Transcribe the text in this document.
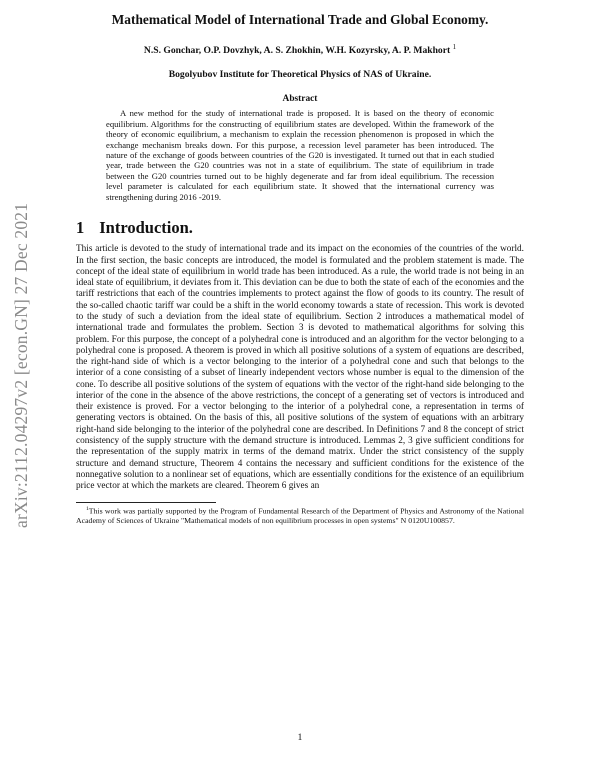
arXiv:2112.04297v2 [econ.GN] 27 Dec 2021
Mathematical Model of International Trade and Global Economy.
N.S. Gonchar, O.P. Dovzhyk, A. S. Zhokhin, W.H. Kozyrsky, A. P. Makhort $^1$
Bogolyubov Institute for Theoretical Physics of NAS of Ukraine.
Abstract

A new method for the study of international trade is proposed. It is based on the theory of economic equilibrium. Algorithms for the constructing of equilibrium states are developed. Within the framework of the theory of economic equilibrium, a mechanism to explain the recession phenomenon is proposed in which the exchange mechanism breaks down. For this purpose, a recession level parameter has been introduced. The nature of the exchange of goods between countries of the G20 is investigated. It turned out that in each studied year, trade between the G20 countries was not in a state of equilibrium. The state of equilibrium in trade between the G20 countries turned out to be highly degenerate and far from ideal equilibrium. The recession level parameter is calculated for each equilibrium state. It showed that the international currency was strengthening during 2016 -2019.

1 Introduction.

This article is devoted to the study of international trade and its impact on the economies of the countries of the world. In the first section, the basic concepts are introduced, the model is formulated and the problem statement is made. The concept of the ideal state of equilibrium in world trade has been introduced. As a rule, the world trade is not being in an ideal state of equilibrium, it deviates from it. This deviation can be due to both the state of each of the economies and the tariff restrictions that each of the countries implements to protect against the flow of goods to its country. The result of the so-called chaotic tariff war could be a shift in the world economy towards a state of recession. This work is devoted to the study of such a deviation from the ideal state of equilibrium. Section 2 introduces a mathematical model of international trade and formulates the problem. Section 3 is devoted to mathematical algorithms for solving this problem. For this purpose, the concept of a polyhedral cone is introduced and an algorithm for the vector belonging to a polyhedral cone is proposed. A theorem is proved in which all positive solutions of a system of equations are described, the right-hand side of which is a vector belonging to the interior of a polyhedral cone and such that belongs to the interior of a cone consisting of a subset of linearly independent vectors whose number is equal to the dimension of the cone. To describe all positive solutions of the system of equations with the vector of the right-hand side belonging to the interior of the cone in the absence of the above restrictions, the concept of a generating set of vectors is introduced and their existence is proved. For a vector belonging to the interior of a polyhedral cone, a representation in terms of generating vectors is obtained. On the basis of this, all positive solutions of the system of equations with an arbitrary right-hand side belonging to the interior of the polyhedral cone are described. In Definitions 7 and 8 the concept of strict consistency of the supply structure with the demand structure is introduced. Lemmas 2, 3 give sufficient conditions for the representation of the supply matrix in terms of the demand matrix. Under the strict consistency of the supply structure and demand structure, Theorem 4 contains the necessary and sufficient conditions for the existence of the nonnegative solution to a nonlinear set of equations, which are essentially conditions for the existence of an equilibrium price vector at which the markets are cleared. Theorem 6 gives an

$^1$This work was partially supported by the Program of Fundamental Research of the Department of Physics and Astronomy of the National Academy of Sciences of Ukraine "Mathematical models of non equilibrium processes in open systems" N 0120U100857.

1
